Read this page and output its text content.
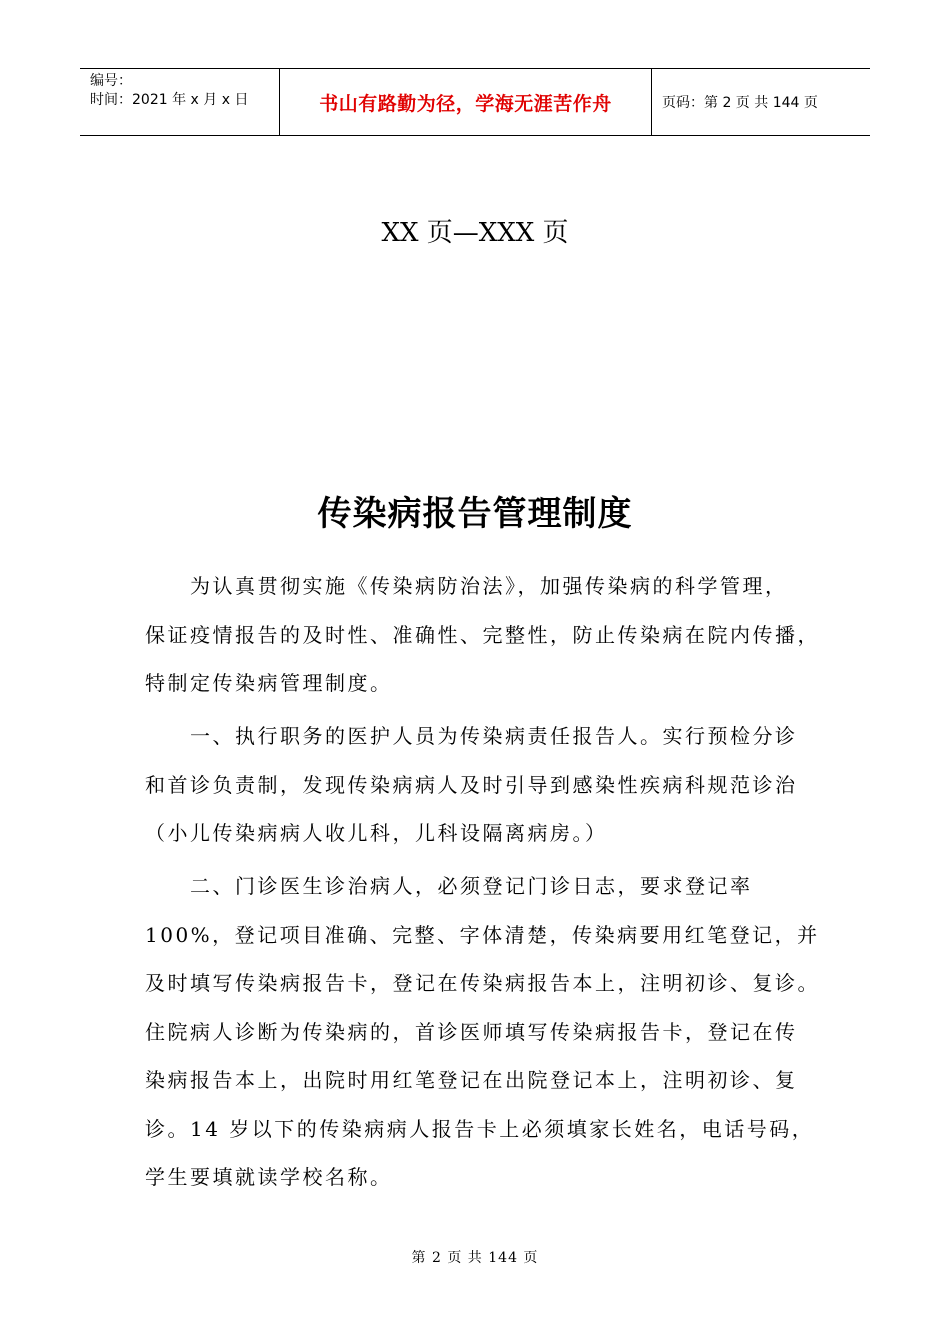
编号：
时间：2021 年 x 月 x 日	书山有路勤为径，学海无涯苦作舟	页码：第 2 页 共 144 页
XX 页—XXX 页
传染病报告管理制度
为认真贯彻实施《传染病防治法》，加强传染病的科学管理，
保证疫情报告的及时性、准确性、完整性，防止传染病在院内传播，
特制定传染病管理制度。
一、执行职务的医护人员为传染病责任报告人。实行预检分诊
和首诊负责制，发现传染病病人及时引导到感染性疾病科规范诊治
（小儿传染病病人收儿科，儿科设隔离病房。）
二、门诊医生诊治病人，必须登记门诊日志，要求登记率
100%，登记项目准确、完整、字体清楚，传染病要用红笔登记，并
及时填写传染病报告卡，登记在传染病报告本上，注明初诊、复诊。
住院病人诊断为传染病的，首诊医师填写传染病报告卡，登记在传
染病报告本上，出院时用红笔登记在出院登记本上，注明初诊、复
诊。14 岁以下的传染病病人报告卡上必须填家长姓名，电话号码，
学生要填就读学校名称。
第 2 页 共 144 页
